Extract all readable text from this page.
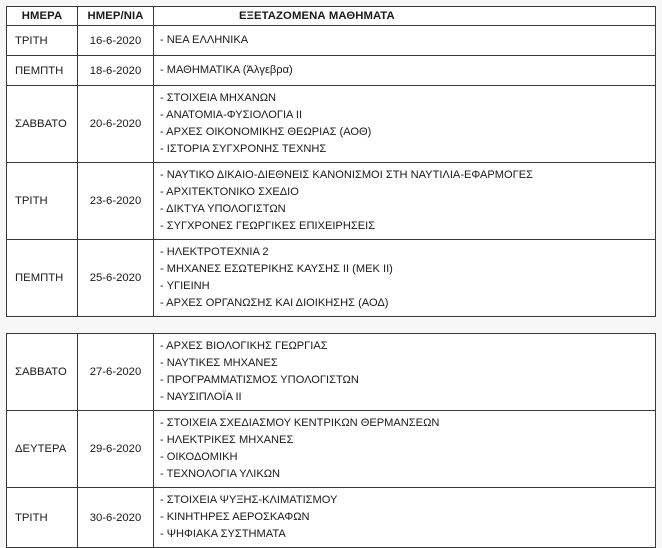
ΗΜΕΡΑ	ΗΜΕΡ/ΝΙΑ	ΕΞΕΤΑΖΟΜΕΝΑ ΜΑΘΗΜΑΤΑ
ΤΡΙΤΗ	16-6-2020	- ΝΕΑ ΕΛΛΗΝΙΚΑ

ΠΕΜΠΤΗ	18-6-2020	- ΜΑΘΗΜΑΤΙΚΑ (Άλγεβρα)

ΣΑΒΒΑΤΟ	20-6-2020	- ΣΤΟΙΧΕΙΑ ΜΗΧΑΝΩΝ
- ΑΝΑΤΟΜΙΑ-ΦΥΣΙΟΛΟΓΙΑ ΙΙ
- ΑΡΧΕΣ ΟΙΚΟΝΟΜΙΚΗΣ ΘΕΩΡΙΑΣ (ΑΟΘ)
- ΙΣΤΟΡΙΑ ΣΥΓΧΡΟΝΗΣ ΤΕΧΝΗΣ

ΤΡΙΤΗ	23-6-2020	- ΝΑΥΤΙΚΟ ΔΙΚΑΙΟ-ΔΙΕΘΝΕΙΣ ΚΑΝΟΝΙΣΜΟΙ ΣΤΗ ΝΑΥΤΙΛΙΑ-ΕΦΑΡΜΟΓΕΣ
- ΑΡΧΙΤΕΚΤΟΝΙΚΟ ΣΧΕΔΙΟ
- ΔΙΚΤΥΑ ΥΠΟΛΟΓΙΣΤΩΝ
- ΣΥΓΧΡΟΝΕΣ ΓΕΩΡΓΙΚΕΣ ΕΠΙΧΕΙΡΗΣΕΙΣ

ΠΕΜΠΤΗ	25-6-2020	- ΗΛΕΚΤΡΟΤΕΧΝΙΑ 2
- ΜΗΧΑΝΕΣ ΕΣΩΤΕΡΙΚΗΣ ΚΑΥΣΗΣ ΙΙ (ΜΕΚ ΙΙ)
- ΥΓΙΕΙΝΗ
- ΑΡΧΕΣ ΟΡΓΑΝΩΣΗΣ ΚΑΙ ΔΙΟΙΚΗΣΗΣ (ΑΟΔ)
ΣΑΒΒΑΤΟ	27-6-2020	- ΑΡΧΕΣ ΒΙΟΛΟΓΙΚΗΣ ΓΕΩΡΓΙΑΣ
- ΝΑΥΤΙΚΕΣ ΜΗΧΑΝΕΣ
- ΠΡΟΓΡΑΜΜΑΤΙΣΜΟΣ ΥΠΟΛΟΓΙΣΤΩΝ
- ΝΑΥΣΙΠΛΟΪΑ ΙΙ

ΔΕΥΤΕΡΑ	29-6-2020	- ΣΤΟΙΧΕΙΑ ΣΧΕΔΙΑΣΜΟΥ ΚΕΝΤΡΙΚΩΝ ΘΕΡΜΑΝΣΕΩΝ
- ΗΛΕΚΤΡΙΚΕΣ ΜΗΧΑΝΕΣ
- ΟΙΚΟΔΟΜΙΚΗ
- ΤΕΧΝΟΛΟΓΙΑ ΥΛΙΚΩΝ

ΤΡΙΤΗ	30-6-2020	- ΣΤΟΙΧΕΙΑ ΨΥΞΗΣ-ΚΛΙΜΑΤΙΣΜΟΥ
- ΚΙΝΗΤΗΡΕΣ ΑΕΡΟΣΚΑΦΩΝ
- ΨΗΦΙΑΚΑ ΣΥΣΤΗΜΑΤΑ
